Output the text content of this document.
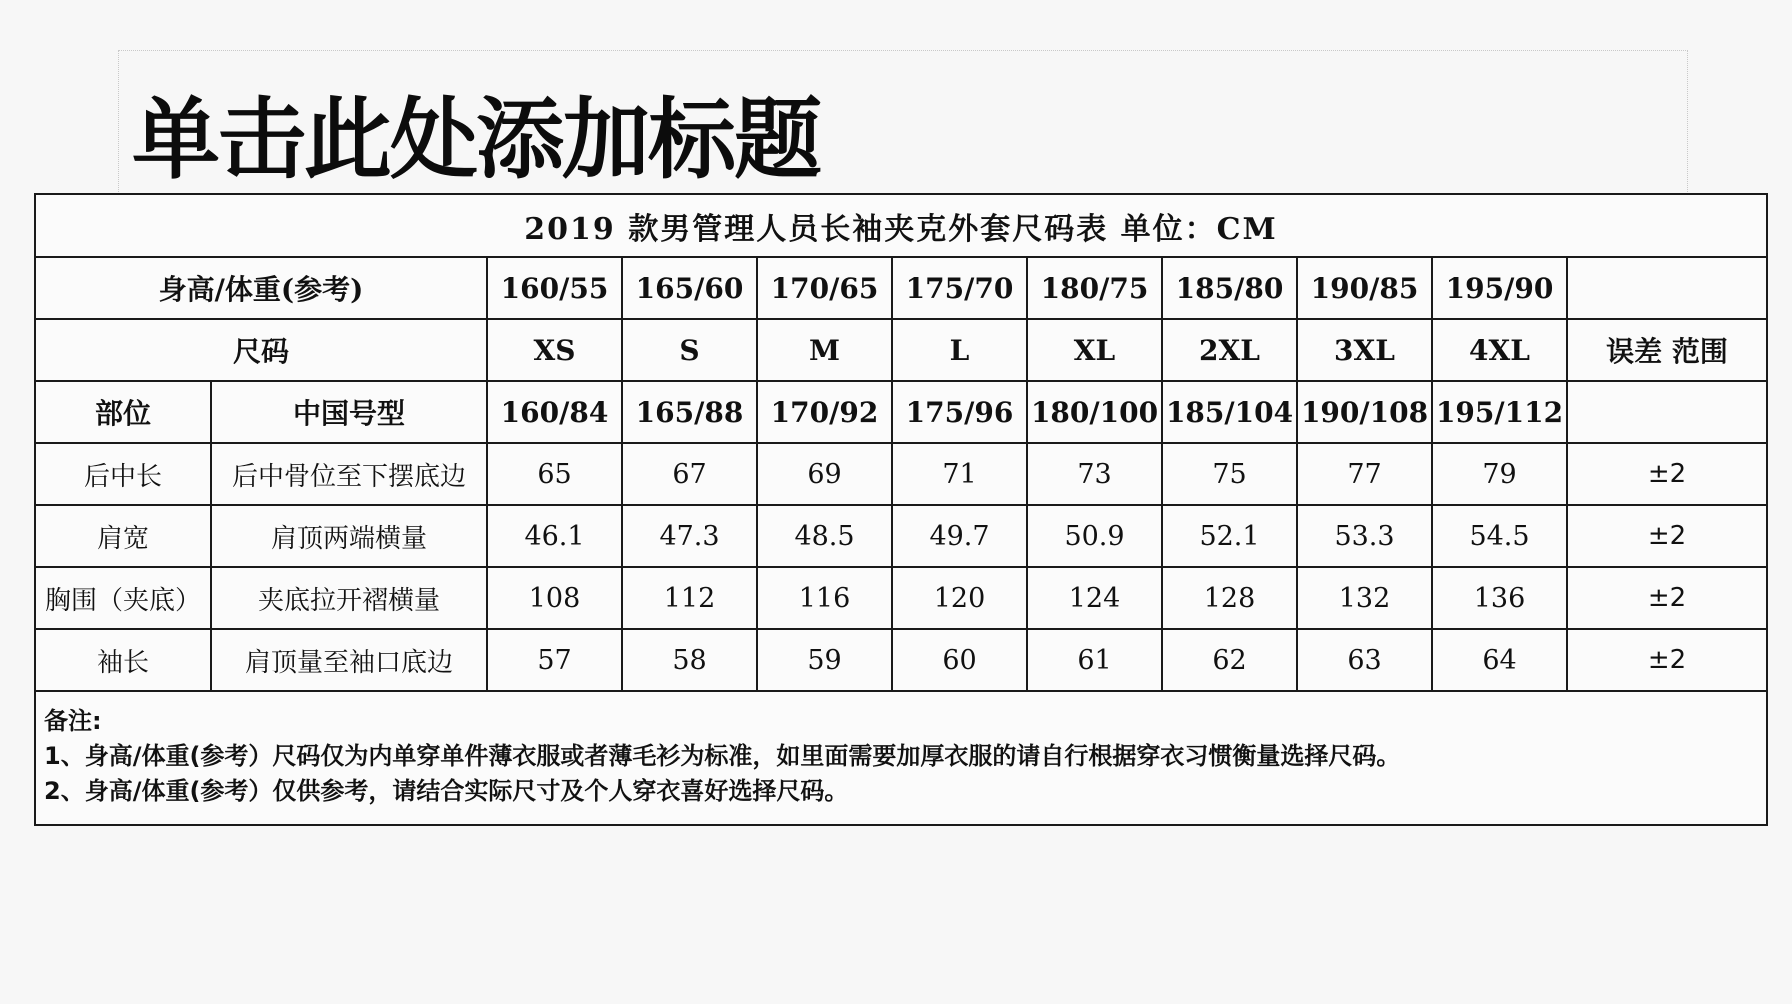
单击此处添加标题
2019 款男管理人员长袖夹克外套尺码表 单位：CM										
身高/体重(参考)		160/55	165/60	170/65	175/70	180/75	185/80	190/85	195/90	
尺码		XS	S	M	L	XL	2XL	3XL	4XL	误差 范围
部位	中国号型	160/84	165/88	170/92	175/96	180/100	185/104	190/108	195/112	
后中长	后中骨位至下摆底边	65	67	69	71	73	75	77	79	±2
肩宽	肩顶两端横量	46.1	47.3	48.5	49.7	50.9	52.1	53.3	54.5	±2
胸围（夹底）	夹底拉开褶横量	108	112	116	120	124	128	132	136	±2
袖长	肩顶量至袖口底边	57	58	59	60	61	62	63	64	±2

备注:
1、身高/体重(参考）尺码仅为内单穿单件薄衣服或者薄毛衫为标准，如里面需要加厚衣服的请自行根据穿衣习惯衡量选择尺码。
2、身高/体重(参考）仅供参考，请结合实际尺寸及个人穿衣喜好选择尺码。										
